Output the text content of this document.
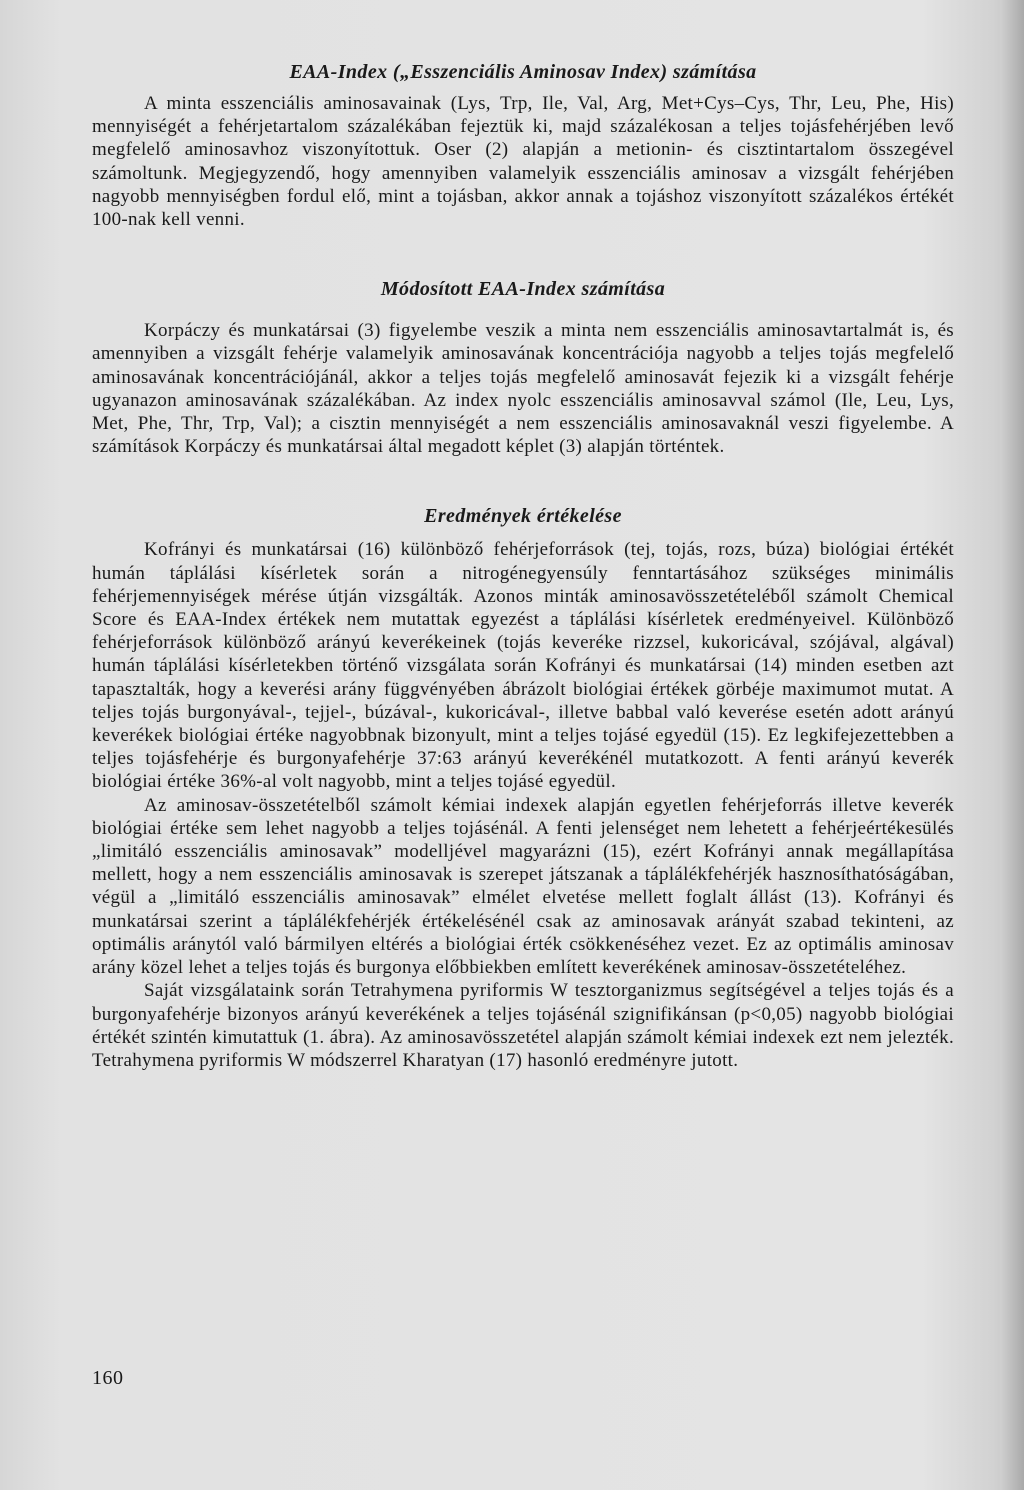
EAA-Index („Esszenciális Aminosav Index) számítása

A minta esszenciális aminosavainak (Lys, Trp, Ile, Val, Arg, Met+Cys–Cys, Thr, Leu, Phe, His) mennyiségét a fehérjetartalom százalékában fejeztük ki, majd százalékosan a teljes tojásfehérjében levő megfelelő aminosavhoz viszonyítottuk. Oser (2) alapján a metionin- és cisztintartalom összegével számoltunk. Megjegyzendő, hogy amennyiben valamelyik esszenciális aminosav a vizsgált fehérjében nagyobb mennyiségben fordul elő, mint a tojásban, akkor annak a tojáshoz viszonyított százalékos értékét 100-nak kell venni.

Módosított EAA-Index számítása

Korpáczy és munkatársai (3) figyelembe veszik a minta nem esszenciális aminosavtartalmát is, és amennyiben a vizsgált fehérje valamelyik aminosavának koncentrációja nagyobb a teljes tojás megfelelő aminosavának koncentrációjánál, akkor a teljes tojás megfelelő aminosavát fejezik ki a vizsgált fehérje ugyanazon aminosavának százalékában. Az index nyolc esszenciális aminosavval számol (Ile, Leu, Lys, Met, Phe, Thr, Trp, Val); a cisztin mennyiségét a nem esszenciális aminosavaknál veszi figyelembe. A számítások Korpáczy és munkatársai által megadott képlet (3) alapján történtek.

Eredmények értékelése

Kofrányi és munkatársai (16) különböző fehérjeforrások (tej, tojás, rozs, búza) biológiai értékét humán táplálási kísérletek során a nitrogénegyensúly fenntartásához szükséges minimális fehérjemennyiségek mérése útján vizsgálták. Azonos minták aminosavösszetételéből számolt Chemical Score és EAA-Index értékek nem mutattak egyezést a táplálási kísérletek eredményeivel. Különböző fehérjeforrások különböző arányú keverékeinek (tojás keveréke rizzsel, kukoricával, szójával, algával) humán táplálási kísérletekben történő vizsgálata során Kofrányi és munkatársai (14) minden esetben azt tapasztalták, hogy a keverési arány függvényében ábrázolt biológiai értékek görbéje maximumot mutat. A teljes tojás burgonyával-, tejjel-, búzával-, kukoricával-, illetve babbal való keverése esetén adott arányú keverékek biológiai értéke nagyobbnak bizonyult, mint a teljes tojásé egyedül (15). Ez legkifejezettebben a teljes tojásfehérje és burgonyafehérje 37:63 arányú keverékénél mutatkozott. A fenti arányú keverék biológiai értéke 36%-al volt nagyobb, mint a teljes tojásé egyedül.

Az aminosav-összetételből számolt kémiai indexek alapján egyetlen fehérjeforrás illetve keverék biológiai értéke sem lehet nagyobb a teljes tojásénál. A fenti jelenséget nem lehetett a fehérjeértékesülés „limitáló esszenciális aminosavak” modelljével magyarázni (15), ezért Kofrányi annak megállapítása mellett, hogy a nem esszenciális aminosavak is szerepet játszanak a táplálékfehérjék hasznosíthatóságában, végül a „limitáló esszenciális aminosavak” elmélet elvetése mellett foglalt állást (13). Kofrányi és munkatársai szerint a táplálékfehérjék értékelésénél csak az aminosavak arányát szabad tekinteni, az optimális aránytól való bármilyen eltérés a biológiai érték csökkenéséhez vezet. Ez az optimális aminosav arány közel lehet a teljes tojás és burgonya előbbiekben említett keverékének aminosav-összetételéhez.

Saját vizsgálataink során Tetrahymena pyriformis W tesztorganizmus segítségével a teljes tojás és a burgonyafehérje bizonyos arányú keverékének a teljes tojásénál szignifikánsan (p<0,05) nagyobb biológiai értékét szintén kimutattuk (1. ábra). Az aminosavösszetétel alapján számolt kémiai indexek ezt nem jelezték. Tetrahymena pyriformis W módszerrel Kharatyan (17) hasonló eredményre jutott.

160
